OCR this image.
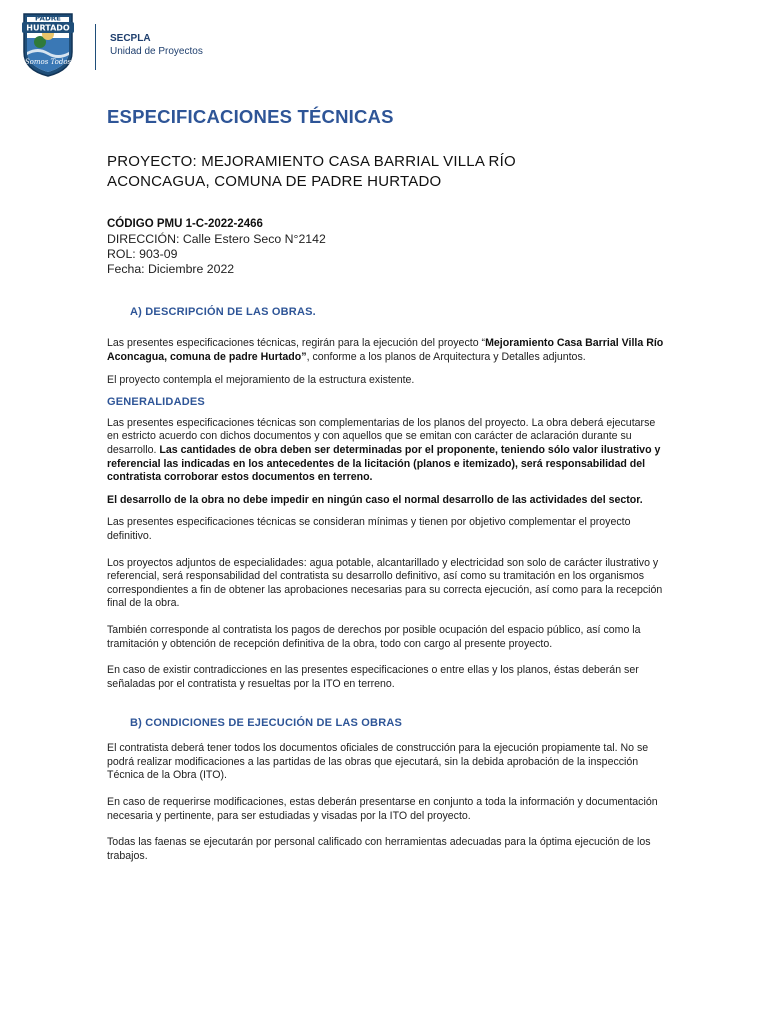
PADRE
HURTADO
Somos Todos
SECPLA
Unidad de Proyectos
ESPECIFICACIONES TÉCNICAS
PROYECTO: MEJORAMIENTO CASA BARRIAL VILLA RÍO
ACONCAGUA, COMUNA DE PADRE HURTADO
CÓDIGO PMU 1-C-2022-2466
DIRECCIÓN: Calle Estero Seco N°2142
ROL: 903-09
Fecha: Diciembre 2022
A) DESCRIPCIÓN DE LAS OBRAS.

Las presentes especificaciones técnicas, regirán para la ejecución del proyecto “Mejoramiento Casa Barrial Villa Río Aconcagua, comuna de padre Hurtado”, conforme a los planos de Arquitectura y Detalles adjuntos.

El proyecto contempla el mejoramiento de la estructura existente.

GENERALIDADES

Las presentes especificaciones técnicas son complementarias de los planos del proyecto. La obra deberá ejecutarse en estricto acuerdo con dichos documentos y con aquellos que se emitan con carácter de aclaración durante su desarrollo. Las cantidades de obra deben ser determinadas por el proponente, teniendo sólo valor ilustrativo y referencial las indicadas en los antecedentes de la licitación (planos e itemizado), será responsabilidad del contratista corroborar estos documentos en terreno.

El desarrollo de la obra no debe impedir en ningún caso el normal desarrollo de las actividades del sector.

Las presentes especificaciones técnicas se consideran mínimas y tienen por objetivo complementar el proyecto definitivo.

Los proyectos adjuntos de especialidades: agua potable, alcantarillado y electricidad son solo de carácter ilustrativo y referencial, será responsabilidad del contratista su desarrollo definitivo, así como su tramitación en los organismos correspondientes a fin de obtener las aprobaciones necesarias para su correcta ejecución, así como para la recepción final de la obra.

También corresponde al contratista los pagos de derechos por posible ocupación del espacio público, así como la tramitación y obtención de recepción definitiva de la obra, todo con cargo al presente proyecto.

En caso de existir contradicciones en las presentes especificaciones o entre ellas y los planos, éstas deberán ser señaladas por el contratista y resueltas por la ITO en terreno.

B) CONDICIONES DE EJECUCIÓN DE LAS OBRAS

El contratista deberá tener todos los documentos oficiales de construcción para la ejecución propiamente tal. No se podrá realizar modificaciones a las partidas de las obras que ejecutará, sin la debida aprobación de la inspección Técnica de la Obra (ITO).

En caso de requerirse modificaciones, estas deberán presentarse en conjunto a toda la información y documentación necesaria y pertinente, para ser estudiadas y visadas por la ITO del proyecto.

Todas las faenas se ejecutarán por personal calificado con herramientas adecuadas para la óptima ejecución de los trabajos.
